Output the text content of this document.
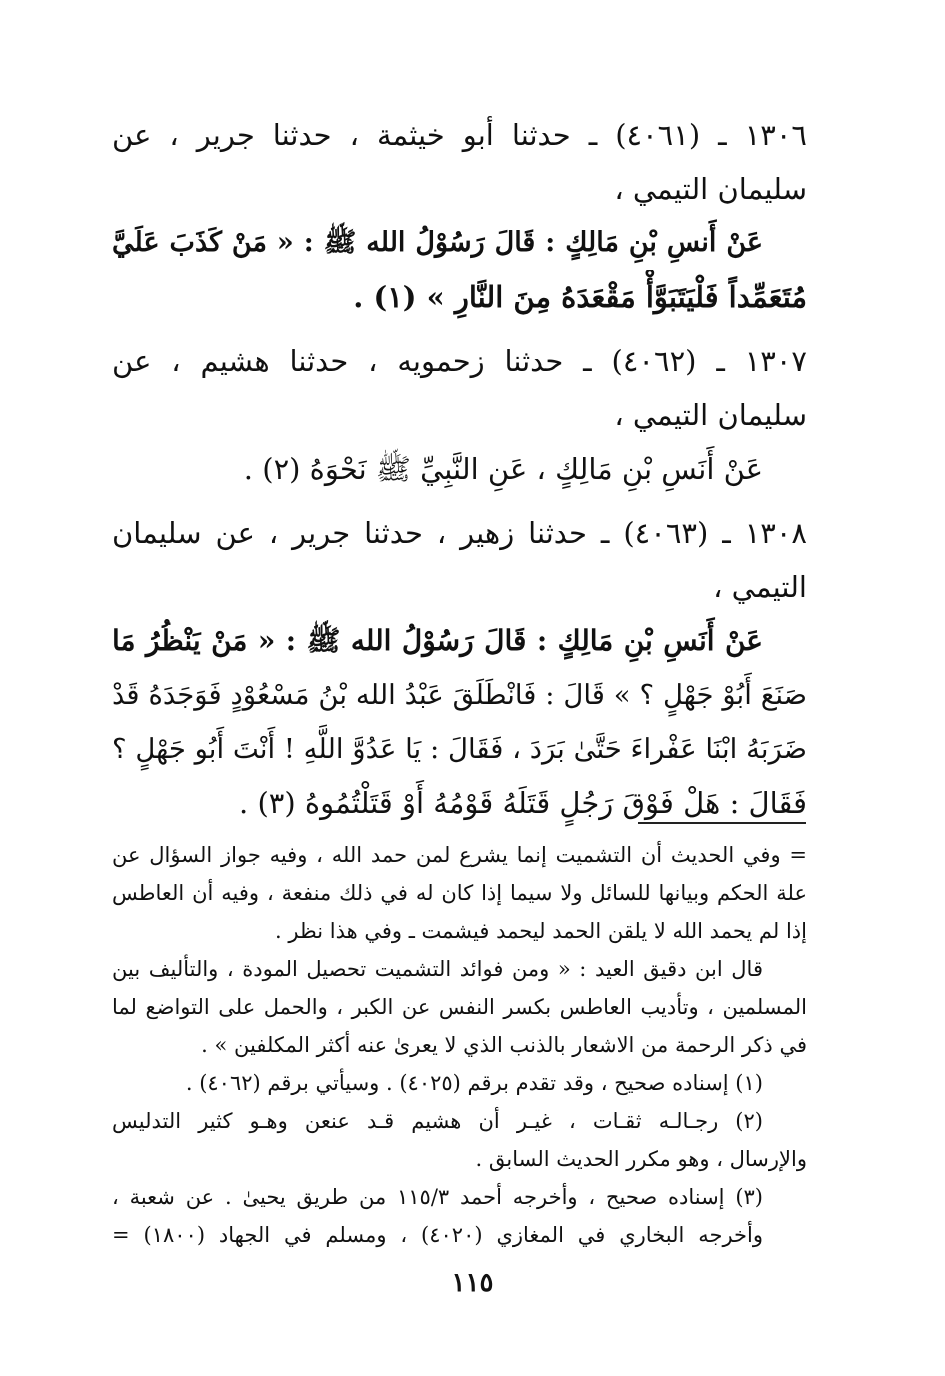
١٣٠٦ ـ (٤٠٦١) ـ حدثنا أبو خيثمة ، حدثنا جرير ، عن
سليمان التيمي ،
عَنْ أَنسِ بْنِ مَالِكٍ : قَالَ رَسُوْلُ الله ﷺ : « مَنْ كَذَبَ عَلَيَّ
مُتَعَمِّداً فَلْيَتَبَوَّأْ مَقْعَدَهُ مِنَ النَّارِ » (١) .
١٣٠٧ ـ (٤٠٦٢) ـ حدثنا زحمويه ، حدثنا هشيم ، عن
سليمان التيمي ،
عَنْ أَنَسِ بْنِ مَالِكٍ ، عَنِ النَّبِيِّ ﷺ نَحْوَهُ (٢) .
١٣٠٨ ـ (٤٠٦٣) ـ حدثنا زهير ، حدثنا جرير ، عن سليمان
التيمي ،
عَنْ أَنَسِ بْنِ مَالِكٍ : قَالَ رَسُوْلُ الله ﷺ : « مَنْ يَنْظُرُ مَا
صَنَعَ أَبُوْ جَهْلٍ ؟ » قَالَ : فَانْطَلَقَ عَبْدُ الله بْنُ مَسْعُوْدٍ فَوَجَدَهُ قَدْ
ضَرَبَهُ ابْنَا عَفْراءَ حَتَّىٰ بَرَدَ ، فَقَالَ : يَا عَدُوَّ اللَّهِ ! أَنْتَ أَبُو جَهْلٍ ؟
فَقَالَ : هَلْ فَوْقَ رَجُلٍ قَتَلَهُ قَوْمُهُ أَوْ قَتَلْتُمُوهُ (٣) .
= وفي الحديث أن التشميت إنما يشرع لمن حمد الله ، وفيه جواز السؤال عن
علة الحكم وبيانها للسائل ولا سيما إذا كان له في ذلك منفعة ، وفيه أن العاطس
إذا لم يحمد الله لا يلقن الحمد ليحمد فيشمت ـ وفي هذا نظر .
قال ابن دقيق العيد : « ومن فوائد التشميت تحصيل المودة ، والتأليف بين
المسلمين ، وتأديب العاطس بكسر النفس عن الكبر ، والحمل على التواضع لما
في ذكر الرحمة من الاشعار بالذنب الذي لا يعرىٰ عنه أكثر المكلفين » .
(١) إسناده صحيح ، وقد تقدم برقم (٤٠٢٥) . وسيأتي برقم (٤٠٦٢) .
(٢) رجـالـه ثقـات ، غيـر أن هشيم قـد عنعن وهـو كثير التدليس
والإرسال ، وهو مكرر الحديث السابق .
(٣) إسناده صحيح ، وأخرجه أحمد ١١٥/٣ من طريق يحيىٰ . عن شعبة ،
وأخرجه البخاري في المغازي (٤٠٢٠) ، ومسلم في الجهاد (١٨٠٠) =
١١٥
